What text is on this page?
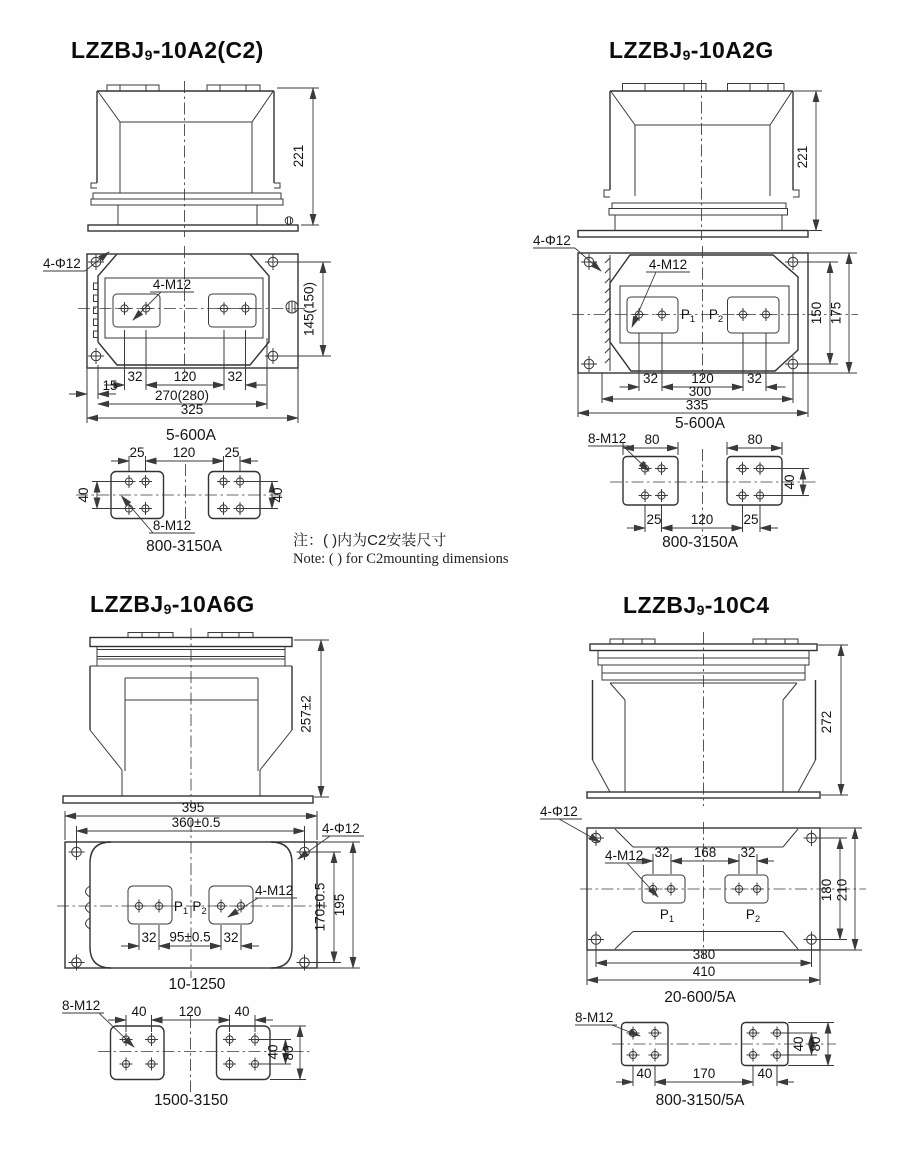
LZZBJ9-10A2(C2)	LZZBJ9-10A2G
LZZBJ9-10A6G	LZZBJ9-10C4
注：( )内为C2安装尺寸
Note: ( ) for C2mounting dimensions
221
4-Φ12
4-M12	145(150)
32 120 32
15
270(280)
325
5-600A
25 120 25
40	40
8-M12
800-3150A
221
$P_1$ $P_2$
4-Φ12
4-M12
150 175
32 120 32
300
335
5-600A
8-M12 80	80
40
25 120 25
800-3150A
257±2
395
360±0.5	4-Φ12
$P_1$ $P_2$
4-M12
32 95±0.5 32
170±0.5 195
10-1250
8-M12 40 120 40
40 80
1500-3150
272
4-Φ12
4-M12 32 168 32
$P_1$	$P_2$
180 210
380
410
20-600/5A
8-M12
40 80
40	170	40
800-3150/5A
